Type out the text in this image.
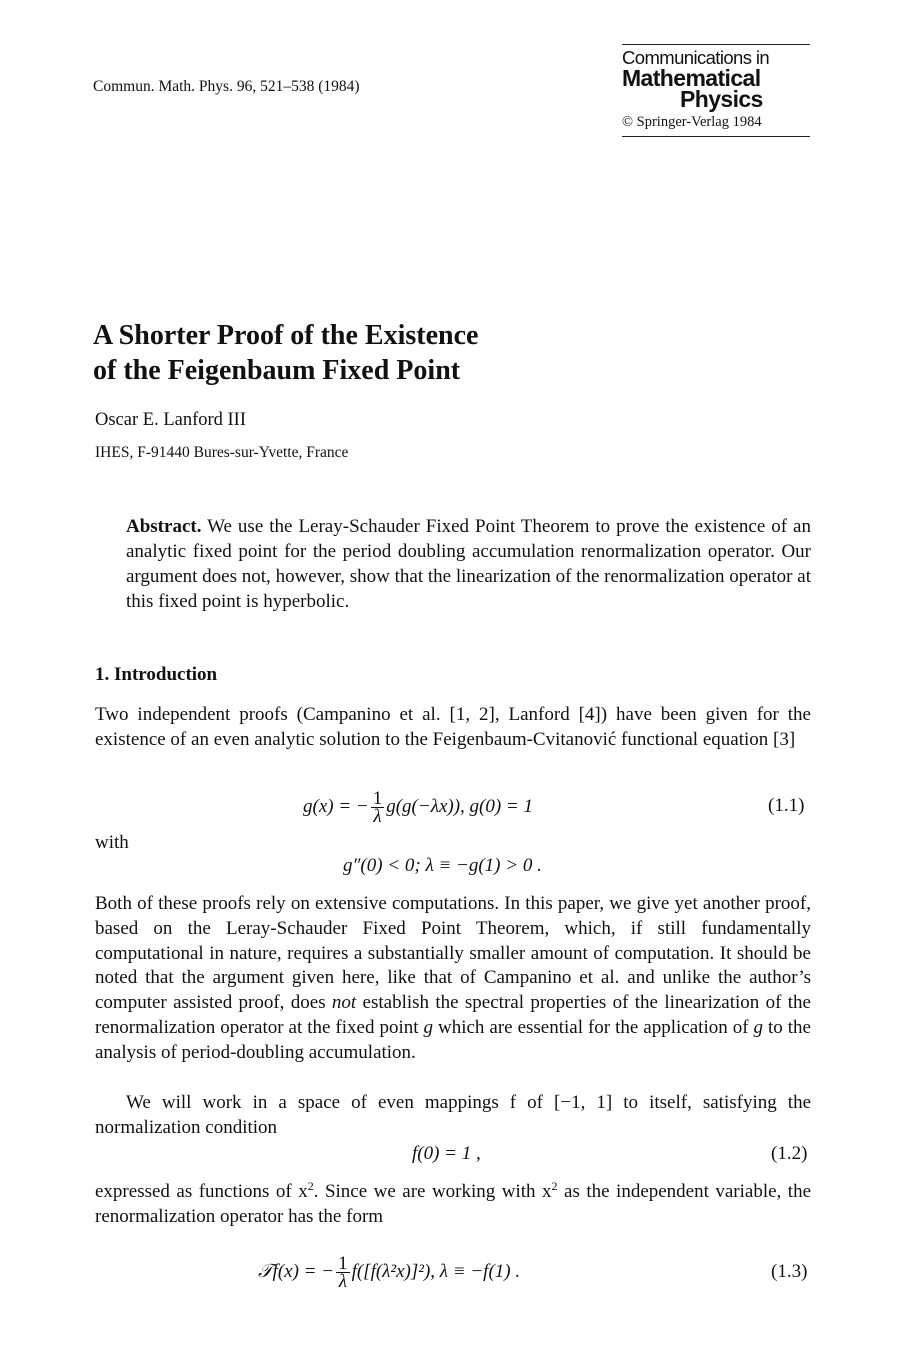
Commun. Math. Phys. 96, 521–538 (1984)
Communications in
Mathematical
Physics
© Springer-Verlag 1984
A Shorter Proof of the Existence
of the Feigenbaum Fixed Point
Oscar E. Lanford III
IHES, F-91440 Bures-sur-Yvette, France
Abstract. We use the Leray-Schauder Fixed Point Theorem to prove the existence of an analytic fixed point for the period doubling accumulation renormalization operator. Our argument does not, however, show that the linearization of the renormalization operator at this fixed point is hyperbolic.
1. Introduction
Two independent proofs (Campanino et al. [1, 2], Lanford [4]) have been given for the existence of an even analytic solution to the Feigenbaum-Cvitanović functional equation [3]
g(x) = − $\frac{1}{\lambda} g(g(-\lambda x))$, g(0) = 1	(1.1)
with
g″(0) < 0; λ ≡ −g(1) > 0 .
Both of these proofs rely on extensive computations. In this paper, we give yet another proof, based on the Leray-Schauder Fixed Point Theorem, which, if still fundamentally computational in nature, requires a substantially smaller amount of computation. It should be noted that the argument given here, like that of Campanino et al. and unlike the author’s computer assisted proof, does not establish the spectral properties of the linearization of the renormalization operator at the fixed point g which are essential for the application of g to the analysis of period-doubling accumulation.
We will work in a space of even mappings f of [−1, 1] to itself, satisfying the normalization condition
f(0) = 1 ,	(1.2)
expressed as functions of $x^2$. Since we are working with $x^2$ as the independent variable, the renormalization operator has the form
𝒯f(x) = − $\frac{1}{\lambda} f([f(\lambda^2x)]^2)$, λ ≡ −f(1) .	(1.3)
